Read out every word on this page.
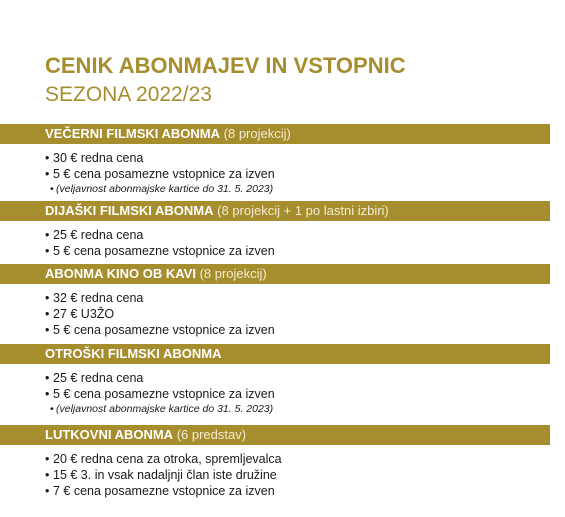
CENIK ABONMAJEV IN VSTOPNIC
SEZONA 2022/23
VEČERNI FILMSKI ABONMA (8 projekcij)
• 30 € redna cena
• 5 € cena posamezne vstopnice za izven
• (veljavnost abonmajske kartice do 31. 5. 2023)
DIJAŠKI FILMSKI ABONMA (8 projekcij + 1 po lastni izbiri)
• 25 € redna cena
• 5 € cena posamezne vstopnice za izven
ABONMA KINO OB KAVI (8 projekcij)
• 32 € redna cena
• 27 € U3ŽO
• 5 € cena posamezne vstopnice za izven
OTROŠKI FILMSKI ABONMA
• 25 € redna cena
• 5 € cena posamezne vstopnice za izven
• (veljavnost abonmajske kartice do 31. 5. 2023)
LUTKOVNI ABONMA (6 predstav)
• 20 € redna cena za otroka, spremljevalca
• 15 € 3. in vsak nadaljnji član iste družine
• 7 € cena posamezne vstopnice za izven
